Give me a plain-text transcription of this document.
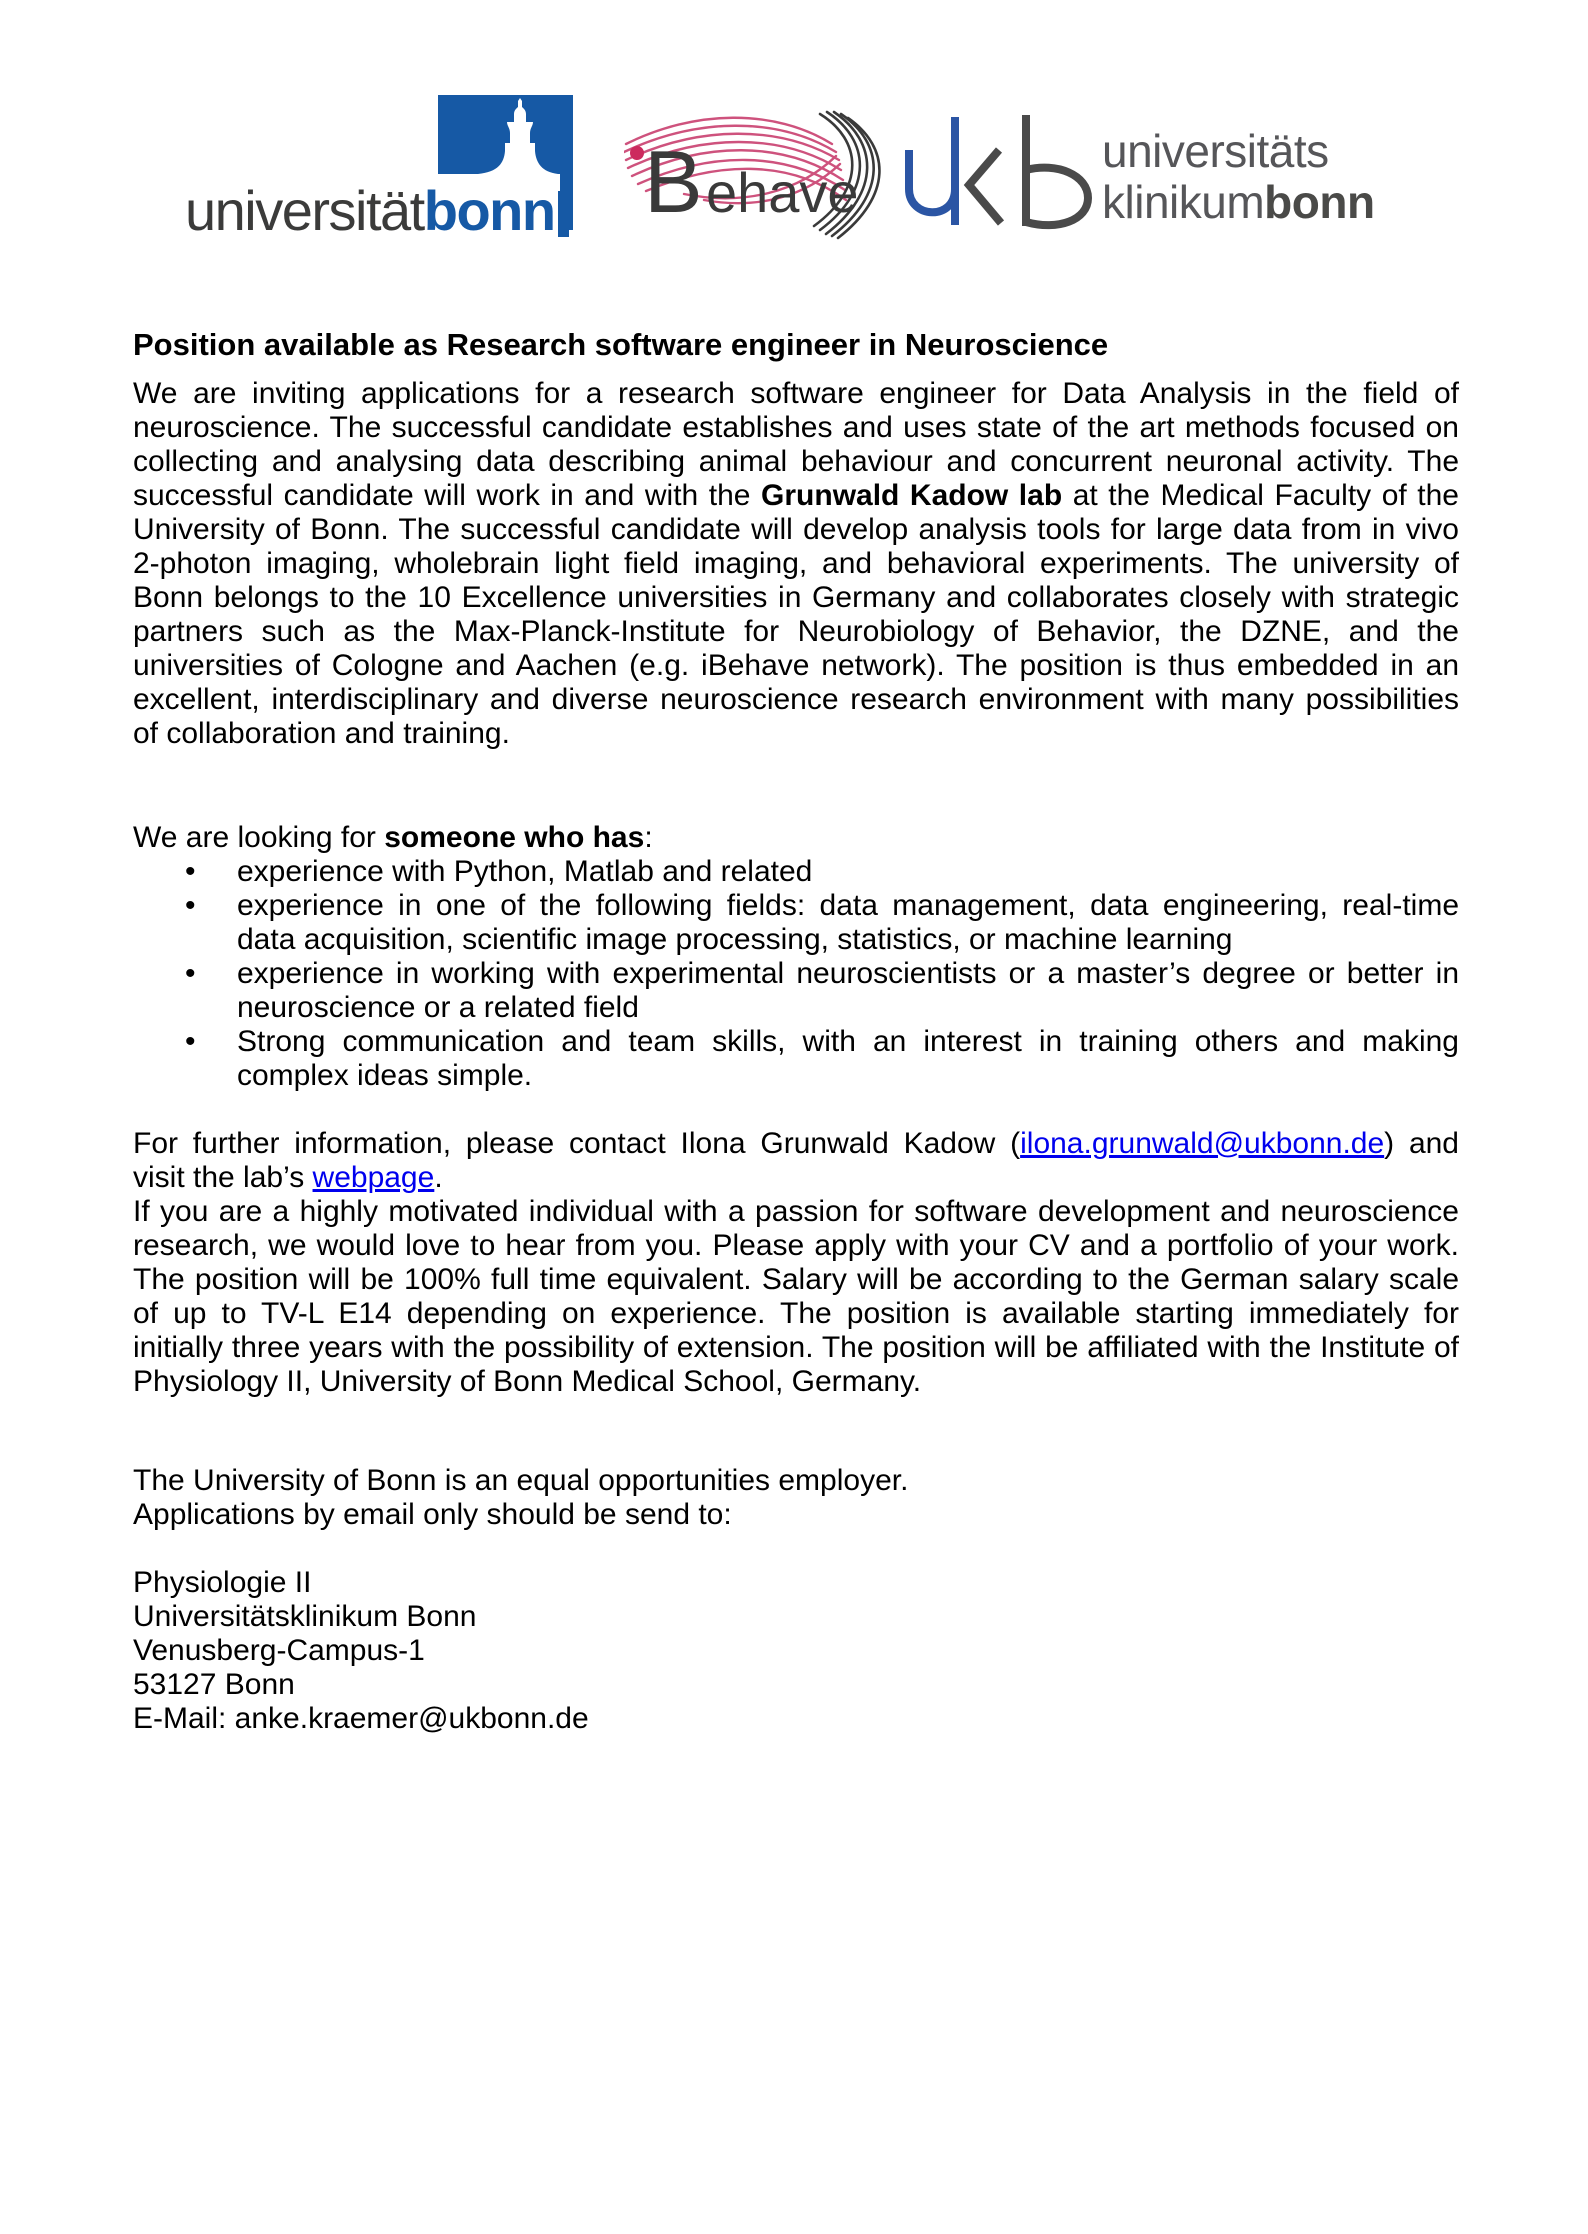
universitätbonn B ehave
universitäts
klinikumbonn
Position available as Research software engineer in Neuroscience

We are inviting applications for a research software engineer for Data Analysis in the field of neuroscience. The successful candidate establishes and uses state of the art methods focused on collecting and analysing data describing animal behaviour and concurrent neuronal activity. The successful candidate will work in and with the Grunwald Kadow lab at the Medical Faculty of the University of Bonn. The successful candidate will develop analysis tools for large data from in vivo 2-photon imaging, wholebrain light field imaging, and behavioral experiments. The university of Bonn belongs to the 10 Excellence universities in Germany and collaborates closely with strategic partners such as the Max-Planck-Institute for Neurobiology of Behavior, the DZNE, and the universities of Cologne and Aachen (e.g. iBehave network). The position is thus embedded in an excellent, interdisciplinary and diverse neuroscience research environment with many possibilities of collaboration and training.

We are looking for someone who has:

• experience with Python, Matlab and related
• experience in one of the following fields: data management, data engineering, real-time data acquisition, scientific image processing, statistics, or machine learning
• experience in working with experimental neuroscientists or a master’s degree or better in neuroscience or a related field
• Strong communication and team skills, with an interest in training others and making complex ideas simple.

For further information, please contact Ilona Grunwald Kadow (ilona.grunwald@ukbonn.de) and visit the lab’s webpage.

If you are a highly motivated individual with a passion for software development and neuroscience research, we would love to hear from you. Please apply with your CV and a portfolio of your work. The position will be 100% full time equivalent. Salary will be according to the German salary scale of up to TV-L E14 depending on experience. The position is available starting immediately for initially three years with the possibility of extension. The position will be affiliated with the Institute of Physiology II, University of Bonn Medical School, Germany.

The University of Bonn is an equal opportunities employer.

Applications by email only should be send to:

Physiologie II

Universitätsklinikum Bonn

Venusberg-Campus-1

53127 Bonn

E-Mail: anke.kraemer@ukbonn.de
